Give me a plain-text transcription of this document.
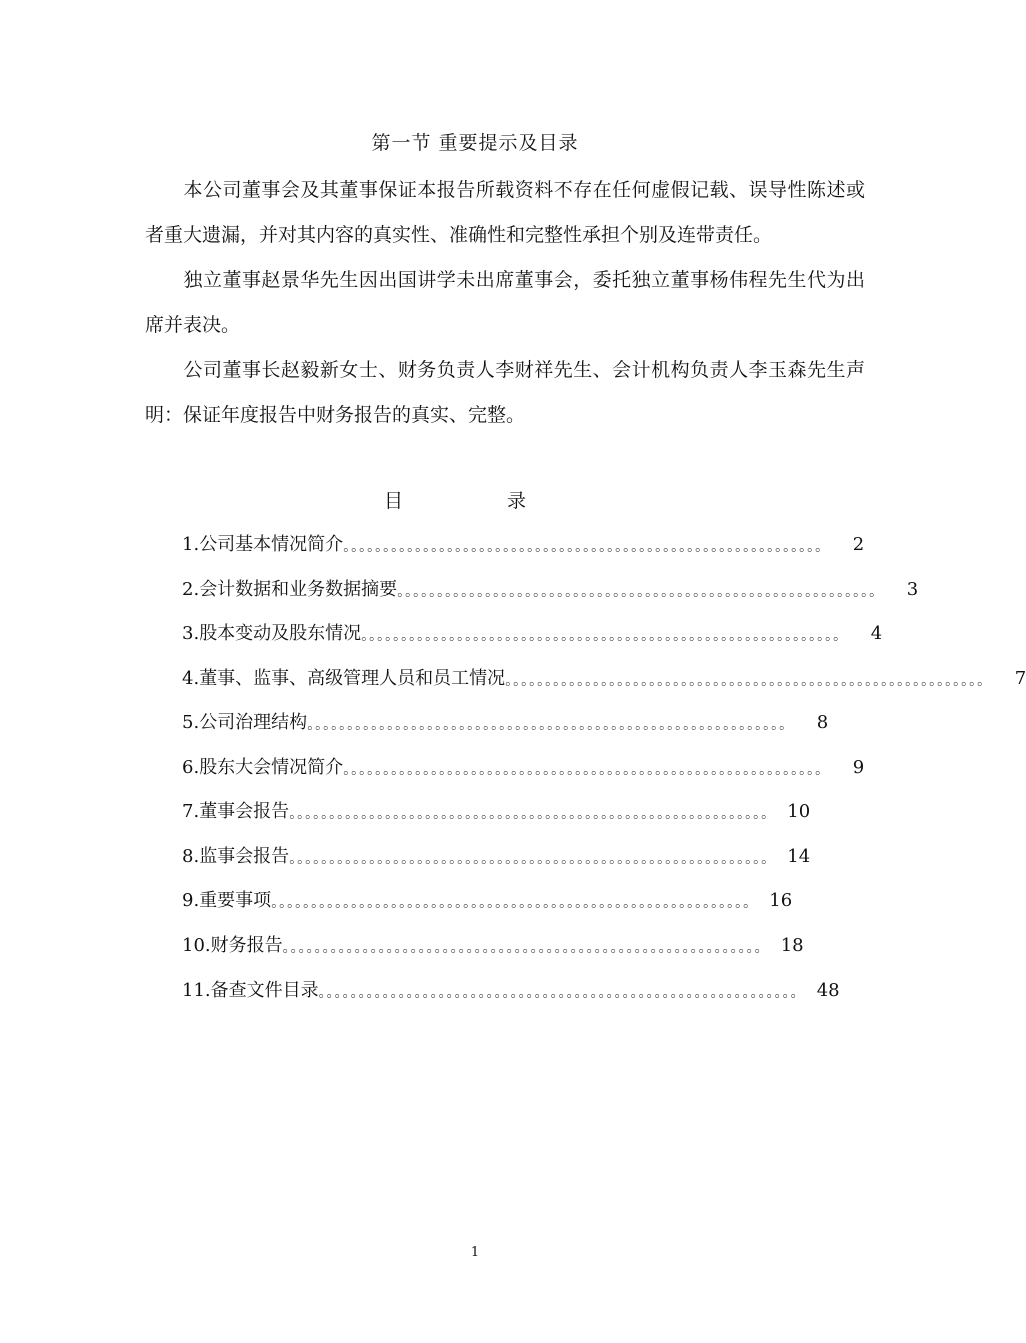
第一节 重要提示及目录

本公司董事会及其董事保证本报告所载资料不存在任何虚假记载、误导性陈述或者重大遗漏，并对其内容的真实性、准确性和完整性承担个别及连带责任。

独立董事赵景华先生因出国讲学未出席董事会，委托独立董事杨伟程先生代为出席并表决。

公司董事长赵毅新女士、财务负责人李财祥先生、会计机构负责人李玉森先生声明：保证年度报告中财务报告的真实、完整。

目	录
1. 公司基本情况简介 。。。。。。。。。。。。。。。。。。。。。。。。。。。。。。。。。。。。。。。。。。。。。。。。。。。。。。。。。。。。	2
2. 会计数据和业务数据摘要 。。。。。。。。。。。。。。。。。。。。。。。。。。。。。。。。。。。。。。。。。。。。。。。。。。。。。。。。。。。。	3
3. 股本变动及股东情况 。。。。。。。。。。。。。。。。。。。。。。。。。。。。。。。。。。。。。。。。。。。。。。。。。。。。。。。。。。。。	4
4. 董事、监事、高级管理人员和员工情况 。。。。。。。。。。。。。。。。。。。。。。。。。。。。。。。。。。。。。。。。。。。。。。。。。。。。。。。。。。。。	7
5. 公司治理结构 。。。。。。。。。。。。。。。。。。。。。。。。。。。。。。。。。。。。。。。。。。。。。。。。。。。。。。。。。。。。	8
6. 股东大会情况简介 。。。。。。。。。。。。。。。。。。。。。。。。。。。。。。。。。。。。。。。。。。。。。。。。。。。。。。。。。。。。	9
7. 董事会报告 。。。。。。。。。。。。。。。。。。。。。。。。。。。。。。。。。。。。。。。。。。。。。。。。。。。。。。。。。。。。 10
8. 监事会报告 。。。。。。。。。。。。。。。。。。。。。。。。。。。。。。。。。。。。。。。。。。。。。。。。。。。。。。。。。。。。 14
9. 重要事项 。。。。。。。。。。。。。。。。。。。。。。。。。。。。。。。。。。。。。。。。。。。。。。。。。。。。。。。。。。。。 16
10. 财务报告 。。。。。。。。。。。。。。。。。。。。。。。。。。。。。。。。。。。。。。。。。。。。。。。。。。。。。。。。。。。。 18
11. 备查文件目录 。。。。。。。。。。。。。。。。。。。。。。。。。。。。。。。。。。。。。。。。。。。。。。。。。。。。。。。。。。。。 48
1
